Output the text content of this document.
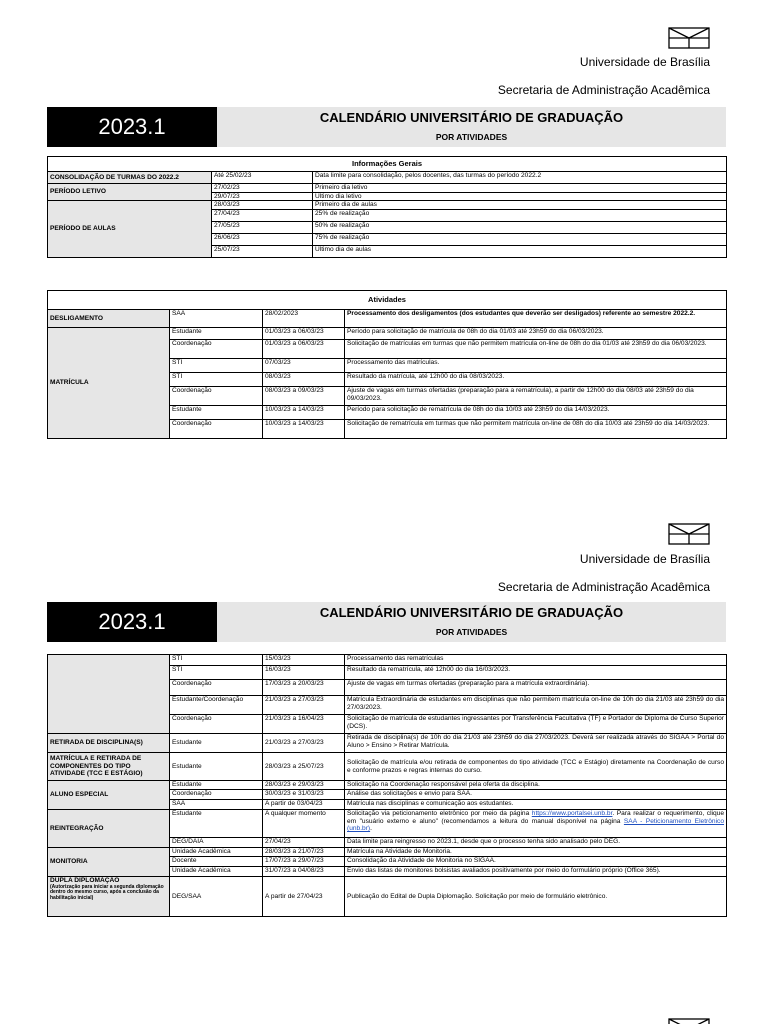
Universidade de Brasília
Secretaria de Administração Acadêmica
2023.1	CALENDÁRIO UNIVERSITÁRIO DE GRADUAÇÃO
POR ATIVIDADES
Informações Gerais		
CONSOLIDAÇÃO DE TURMAS DO 2022.2	Até 25/02/23	Data limite para consolidação, pelos docentes, das turmas do período 2022.2
PERÍODO LETIVO	27/02/23	Primeiro dia letivo
	29/07/23	Último dia letivo
PERÍODO DE AULAS	28/03/23	Primeiro dia de aulas
	27/04/23	25% de realização
	27/05/23	50% de realização
	26/06/23	75% de realização
	25/07/23	Último dia de aulas
Atividades			
DESLIGAMENTO	SAA	28/02/2023	Processamento dos desligamentos (dos estudantes que deverão ser desligados) referente ao semestre 2022.2.
MATRÍCULA	Estudante	01/03/23 a 06/03/23	Período para solicitação de matrícula de 08h do dia 01/03 até 23h59 do dia 06/03/2023.
	Coordenação	01/03/23 a 06/03/23	Solicitação de matrículas em turmas que não permitem matrícula on-line de 08h do dia 01/03 até 23h59 do dia 06/03/2023.
	STI	07/03/23	Processamento das matrículas.
	STI	08/03/23	Resultado da matrícula, até 12h00 do dia 08/03/2023.
	Coordenação	08/03/23 a 09/03/23	Ajuste de vagas em turmas ofertadas (preparação para a rematrícula), a partir de 12h00 do dia 08/03 até 23h59 do dia 09/03/2023.
	Estudante	10/03/23 a 14/03/23	Período para solicitação de rematrícula de 08h do dia 10/03 até 23h59 do dia 14/03/2023.
	Coordenação	10/03/23 a 14/03/23	Solicitação de rematrícula em turmas que não permitem matrícula on-line de 08h do dia 10/03 até 23h59 do dia 14/03/2023.
Universidade de Brasília
Secretaria de Administração Acadêmica
2023.1	CALENDÁRIO UNIVERSITÁRIO DE GRADUAÇÃO
POR ATIVIDADES
	STI	15/03/23	Processamento das rematrículas
	STI	16/03/23	Resultado da rematrícula, até 12h00 do dia 16/03/2023.
	Coordenação	17/03/23 a 20/03/23	Ajuste de vagas em turmas ofertadas (preparação para a matrícula extraordinária).
	Estudante/Coordenação	21/03/23 a 27/03/23	Matrícula Extraordinária de estudantes em disciplinas que não permitem matrícula on-line de 10h do dia 21/03 até 23h59 do dia 27/03/2023.
	Coordenação	21/03/23 a 16/04/23	Solicitação de matrícula de estudantes ingressantes por Transferência Facultativa (TF) e Portador de Diploma de Curso Superior (DCS).
RETIRADA DE DISCIPLINA(S)	Estudante	21/03/23 a 27/03/23	Retirada de disciplina(s) de 10h do dia 21/03 até 23h59 do dia 27/03/2023. Deverá ser realizada através do SIGAA > Portal do Aluno > Ensino > Retirar Matrícula.
MATRÍCULA E RETIRADA DE COMPONENTES DO TIPO ATIVIDADE (TCC E ESTÁGIO)	Estudante	28/03/23 a 25/07/23	Solicitação de matrícula e/ou retirada de componentes do tipo atividade (TCC e Estágio) diretamente na Coordenação de curso e conforme prazos e regras internas do curso.
ALUNO ESPECIAL	Estudante	28/03/23 e 29/03/23	Solicitação na Coordenação responsável pela oferta da disciplina.
	Coordenação	30/03/23 e 31/03/23	Análise das solicitações e envio para SAA.
	SAA	A partir de 03/04/23	Matrícula nas disciplinas e comunicação aos estudantes.
REINTEGRAÇÃO	Estudante	A qualquer momento	Solicitação via peticionamento eletrônico por meio da página https://www.portalsei.unb.br. Para realizar o requerimento, clique em "usuário externo e aluno" (recomendamos a leitura do manual disponível na página SAA - Peticionamento Eletrônico (unb.br).
	DEG/DAIA	27/04/23	Data limite para reingresso no 2023.1, desde que o processo tenha sido analisado pelo DEG.
MONITORIA	Unidade Acadêmica	28/03/23 a 21/07/23	Matrícula na Atividade de Monitoria.
	Docente	17/07/23 a 29/07/23	Consolidação da Atividade de Monitoria no SIGAA.
	Unidade Acadêmica	31/07/23 a 04/08/23	Envio das listas de monitores bolsistas avaliados positivamente por meio do formulário próprio (Office 365).
DUPLA DIPLOMAÇÃO
(Autorização para iniciar a segunda diplomação dentro do mesmo curso, após a conclusão da habilitação inicial)	DEG/SAA	A partir de 27/04/23	Publicação do Edital de Dupla Diplomação. Solicitação por meio de formulário eletrônico.
